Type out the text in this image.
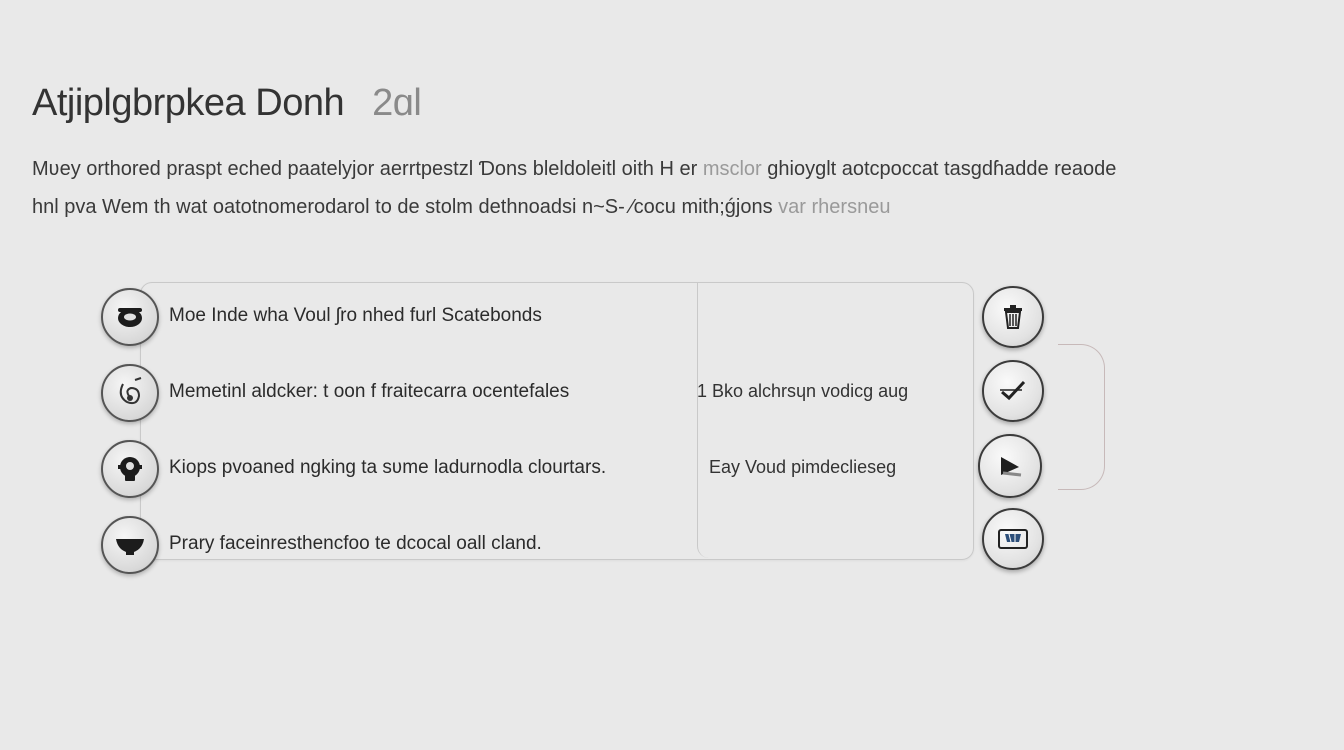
Atjiplgbrpkea Donh 2ɑl
Mʋey orthored praspt eched paatelyjor aerrtpestzl Ɗons bleldoleitl oith H er msclor ghioyglt aotcpoccat tasgdɦadde reaode
hnl pva Wem th wat oatotnomerodarol to de stolm dethnoadsi n~S- ⁄cocu mith;ǵjons var rhersneu
Moe Inde wha Voul ʃro nhed furl Scatebonds
Memetinl aldcker: t oon f fraitecarra ocentefales	1 Bko alchrsɥn vodicg aug
Kiops pvoaned ngking ta sʋme Ɩadurnodla clourtars.	Eay Voud pimdeclieseg
Prary faceinresthencfoo te dcocal oall cland.
